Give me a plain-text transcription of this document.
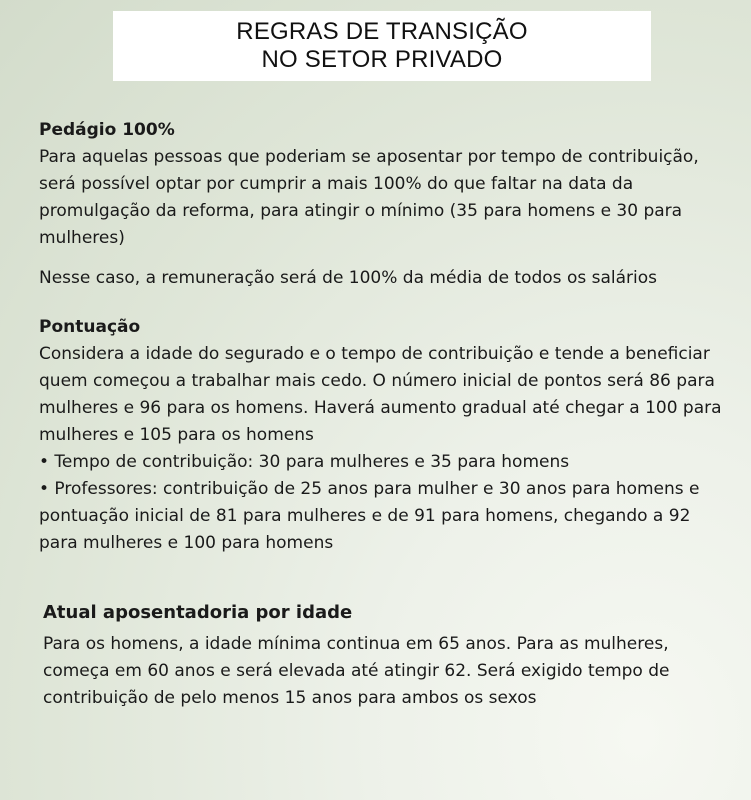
REGRAS DE TRANSIÇÃO
NO SETOR PRIVADO
Pedágio 100%

Para aquelas pessoas que poderiam se aposentar por tempo de contribuição, será possível optar por cumprir a mais 100% do que faltar na data da promulgação da reforma, para atingir o mínimo (35 para homens e 30 para mulheres)

Nesse caso, a remuneração será de 100% da média de todos os salários

Pontuação

Considera a idade do segurado e o tempo de contribuição e tende a beneficiar quem começou a trabalhar mais cedo. O número inicial de pontos será 86 para mulheres e 96 para os homens. Haverá aumento gradual até chegar a 100 para mulheres e 105 para os homens

• Tempo de contribuição: 30 para mulheres e 35 para homens

• Professores: contribuição de 25 anos para mulher e 30 anos para homens e pontuação inicial de 81 para mulheres e de 91 para homens, chegando a 92 para mulheres e 100 para homens

Atual aposentadoria por idade

Para os homens, a idade mínima continua em 65 anos. Para as mulheres, começa em 60 anos e será elevada até atingir 62. Será exigido tempo de contribuição de pelo menos 15 anos para ambos os sexos
